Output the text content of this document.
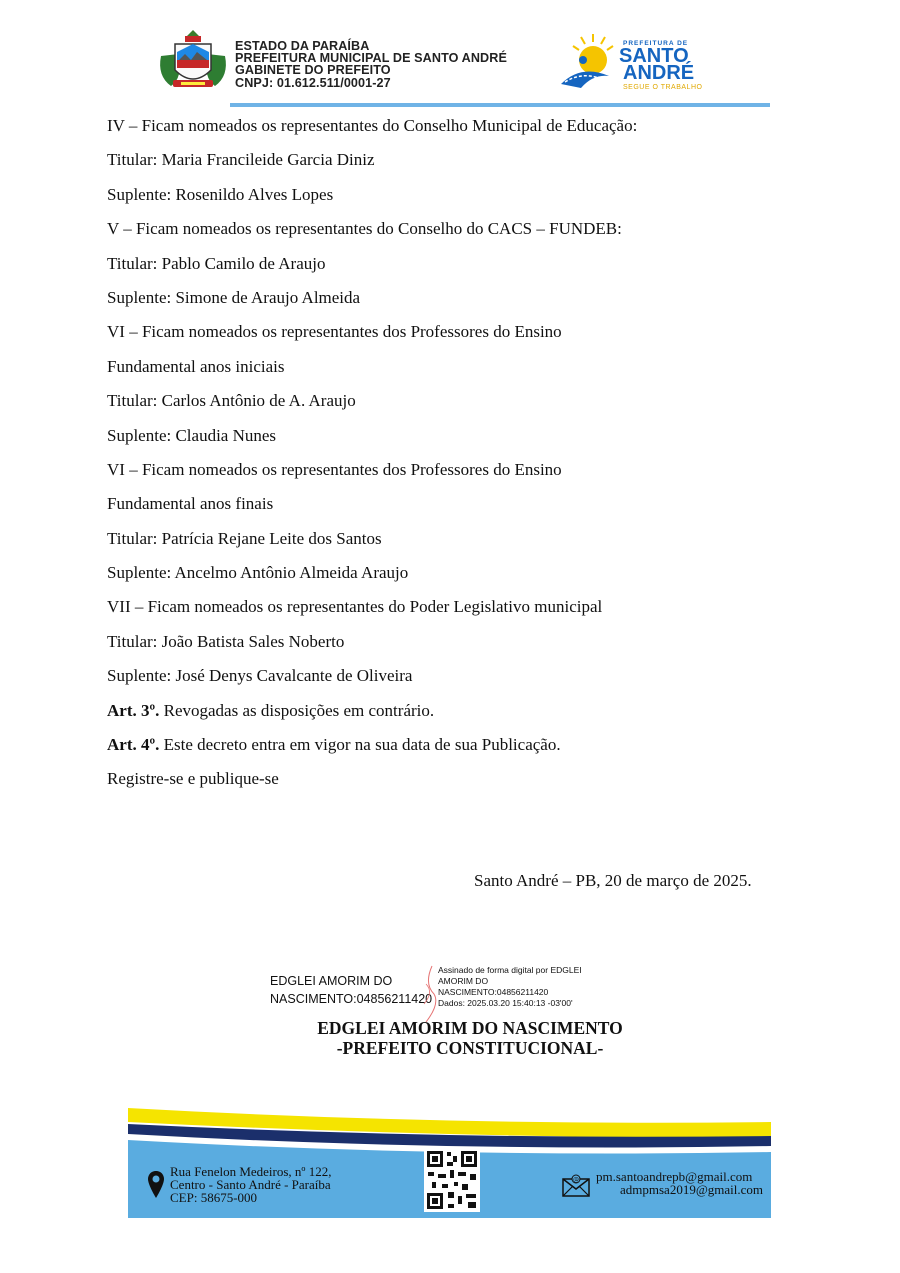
ESTADO DA PARAÍBA
PREFEITURA MUNICIPAL DE SANTO ANDRÉ
GABINETE DO PREFEITO
CNPJ: 01.612.511/0001-27
PREFEITURA DE
SANTO
ANDRÉ
SEGUE O TRABALHO
IV – Ficam nomeados os representantes do Conselho Municipal de Educação:
Titular: Maria Francileide Garcia Diniz
Suplente: Rosenildo Alves Lopes
V – Ficam nomeados os representantes do Conselho do CACS – FUNDEB:
Titular: Pablo Camilo de Araujo
Suplente: Simone de Araujo Almeida
VI – Ficam nomeados os representantes dos Professores do Ensino
Fundamental anos iniciais
Titular: Carlos Antônio de A. Araujo
Suplente: Claudia Nunes
VI – Ficam nomeados os representantes dos Professores do Ensino
Fundamental anos finais
Titular: Patrícia Rejane Leite dos Santos
Suplente: Ancelmo Antônio Almeida Araujo
VII – Ficam nomeados os representantes do Poder Legislativo municipal
Titular: João Batista Sales Noberto
Suplente: José Denys Cavalcante de Oliveira
Art. 3º. Revogadas as disposições em contrário.
Art. 4º. Este decreto entra em vigor na sua data de sua Publicação.
Registre-se e publique-se
Santo André – PB, 20 de março de 2025.
EDGLEI AMORIM DO
NASCIMENTO:04856211420
Assinado de forma digital por EDGLEI
AMORIM DO
NASCIMENTO:04856211420
Dados: 2025.03.20 15:40:13 -03'00'
EDGLEI AMORIM DO NASCIMENTO
-PREFEITO CONSTITUCIONAL-
Rua Fenelon Medeiros, nº 122,
Centro - Santo André - Paraíba
CEP: 58675-000
@ pm.santoandrepb@gmail.com
admpmsa2019@gmail.com
